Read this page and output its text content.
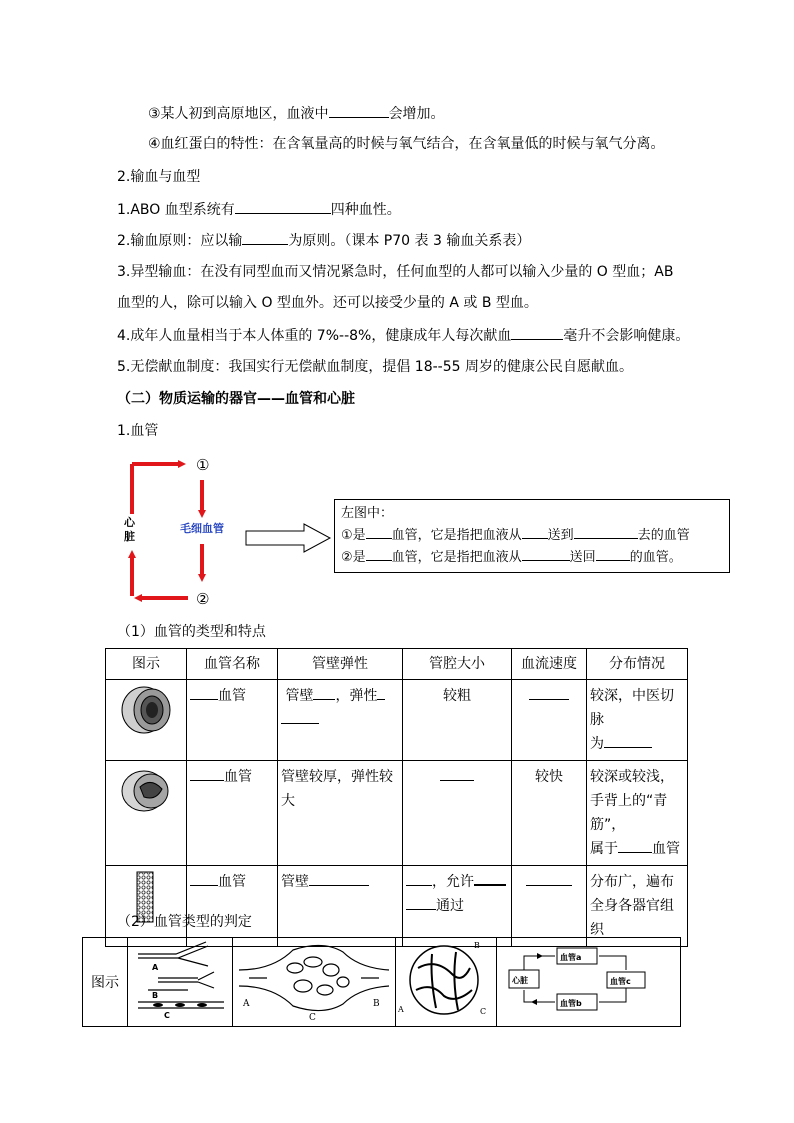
③某人初到高原地区，血液中	会增加。
④血红蛋白的特性：在含氧量高的时候与氧气结合，在含氧量低的时候与氧气分离。
2.输血与血型
1.ABO 血型系统有	四种血性。
2.输血原则：应以输	为原则。（课本 P70 表 3 输血关系表）
3.异型输血：在没有同型血而又情况紧急时，任何血型的人都可以输入少量的 O 型血；AB
血型的人，除可以输入 O 型血外。还可以接受少量的 A 或 B 型血。
4.成年人血量相当于本人体重的 7%--8%，健康成年人每次献血	毫升不会影响健康。
5.无偿献血制度：我国实行无偿献血制度，提倡 18--55 周岁的健康公民自愿献血。
（二）物质运输的器官——血管和心脏
1.血管
①
②
心
脏
毛细血管
左图中：
①是 血管，它是指把血液从 送到	去的血管
②是 血管，它是指把血液从	送回	的血管。
（1）血管的类型和特点
图示	血管名称	管壁弹性	管腔大小	血流速度	分布情况
	血管	管壁 ，弹性	较粗		较深，中医切脉
为
	血管	管壁较厚，弹性较大		较快	较深或较浅，手背上的“青筋”，
属于 血管
	血管	管壁	，允许
通过		分布广，遍布全身各器官组织
（2）血管类型的判定
图示	
A
B
C

A	B
C

B
A	C

心脏
血管a
血管c
血管b
